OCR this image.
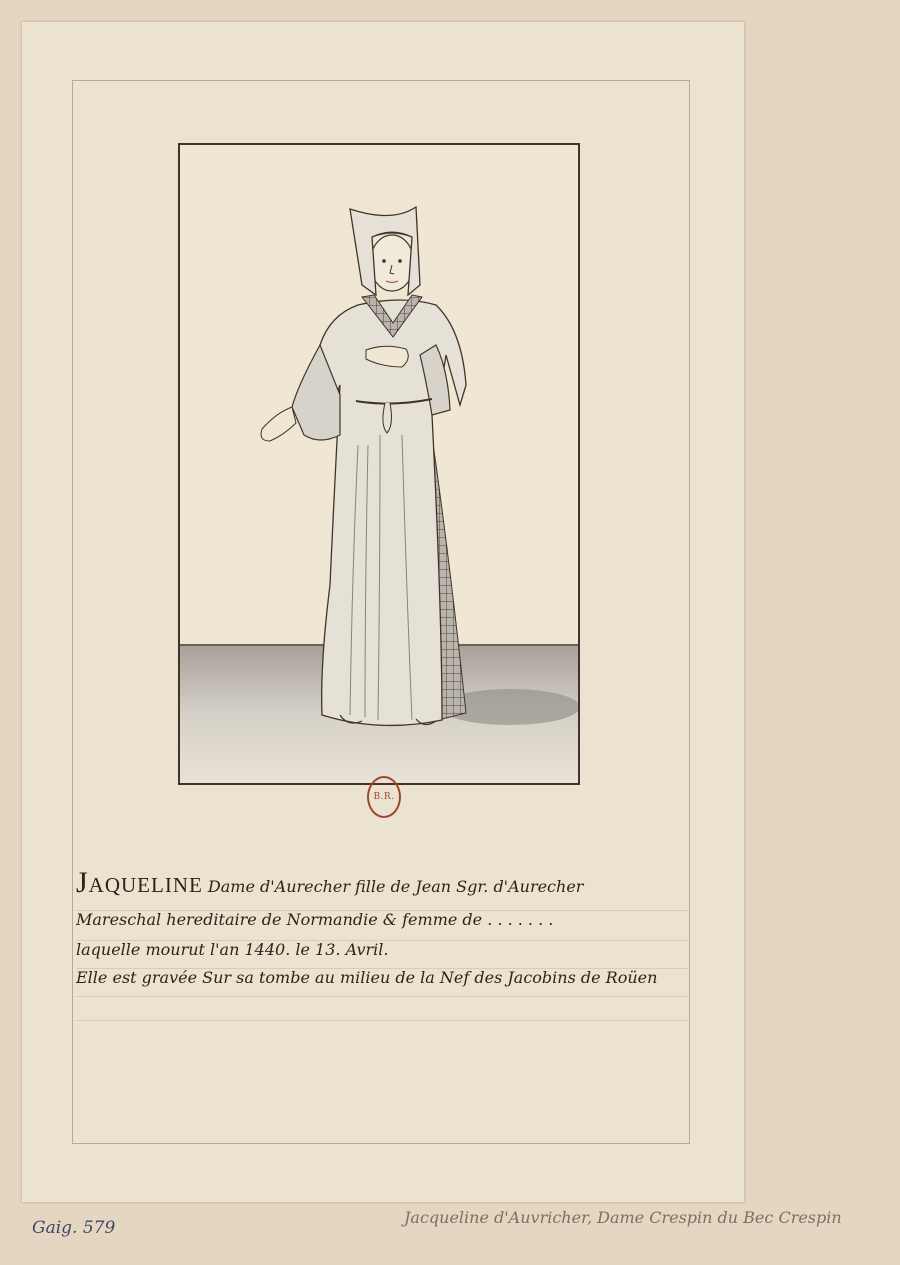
B.R.
Jaqueline Dame d'Aurecher fille de Jean Sgr. d'Aurecher
Mareschal hereditaire de Normandie & femme de . . . . . . .
laquelle mourut l'an 1440. le 13. Avril.
Elle est gravée Sur sa tombe au milieu de la Nef des Jacobins de Roüen
Gaig. 579
Jacqueline d'Auvricher, Dame Crespin du Bec Crespin
